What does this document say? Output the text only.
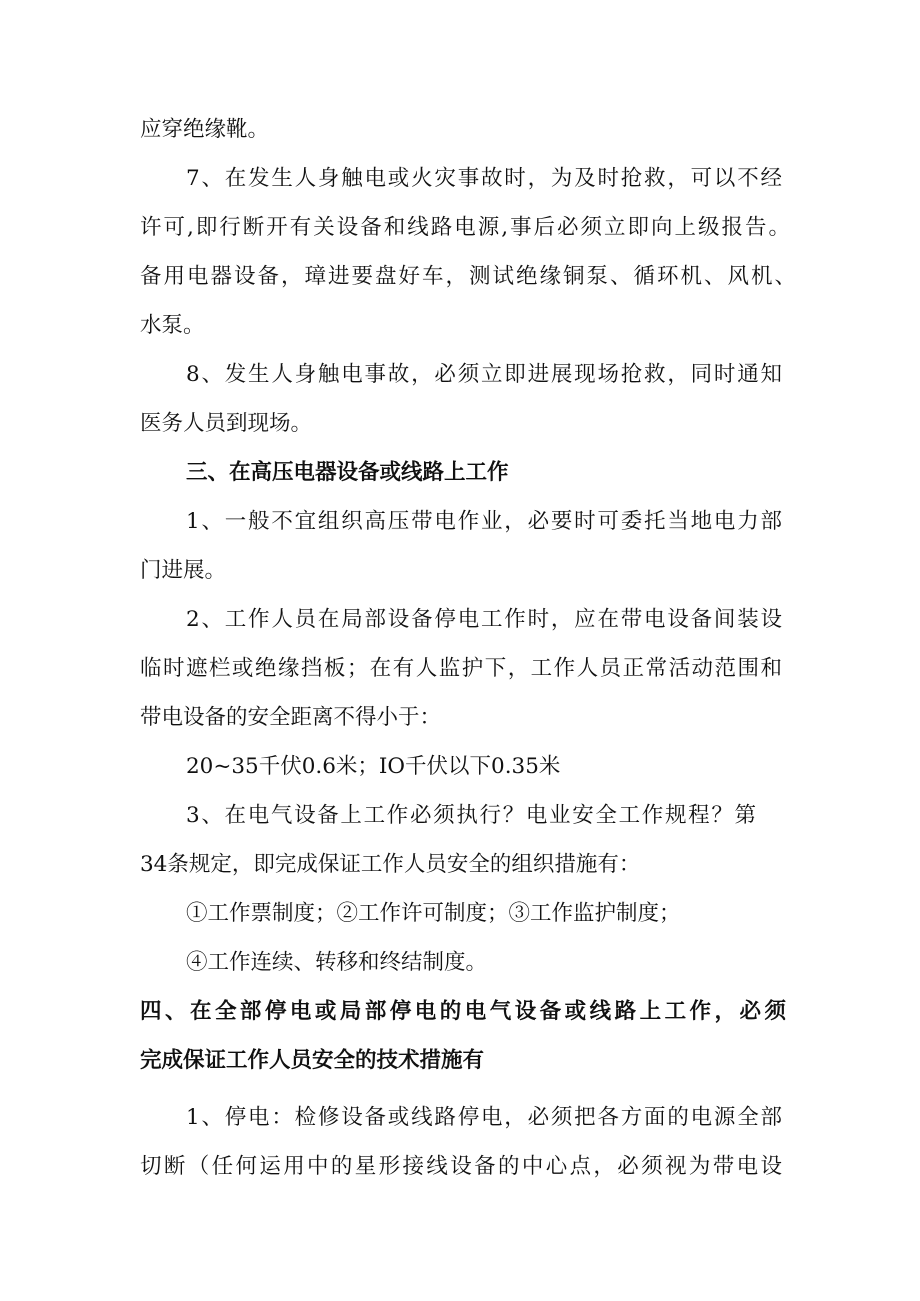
应穿绝缘靴。
7、在发生人身触电或火灾事故时，为及时抢救，可以不经
许可,即行断开有关设备和线路电源,事后必须立即向上级报告。
备用电器设备，璋进要盘好车，测试绝缘铜泵、循环机、风机、
水泵。
8、发生人身触电事故，必须立即进展现场抢救，同时通知
医务人员到现场。
三、在高压电器设备或线路上工作
1、一般不宜组织高压带电作业，必要时可委托当地电力部
门进展。
2、工作人员在局部设备停电工作时，应在带电设备间装设
临时遮栏或绝缘挡板；在有人监护下，工作人员正常活动范围和
带电设备的安全距离不得小于：
20~35千伏0.6米；IO千伏以下0.35米
3、在电气设备上工作必须执行？电业安全工作规程？第
34条规定，即完成保证工作人员安全的组织措施有：
①工作票制度；②工作许可制度；③工作监护制度；
④工作连续、转移和终结制度。
四、在全部停电或局部停电的电气设备或线路上工作，必须
完成保证工作人员安全的技术措施有
1、停电：检修设备或线路停电，必须把各方面的电源全部
切断（任何运用中的星形接线设备的中心点，必须视为带电设
